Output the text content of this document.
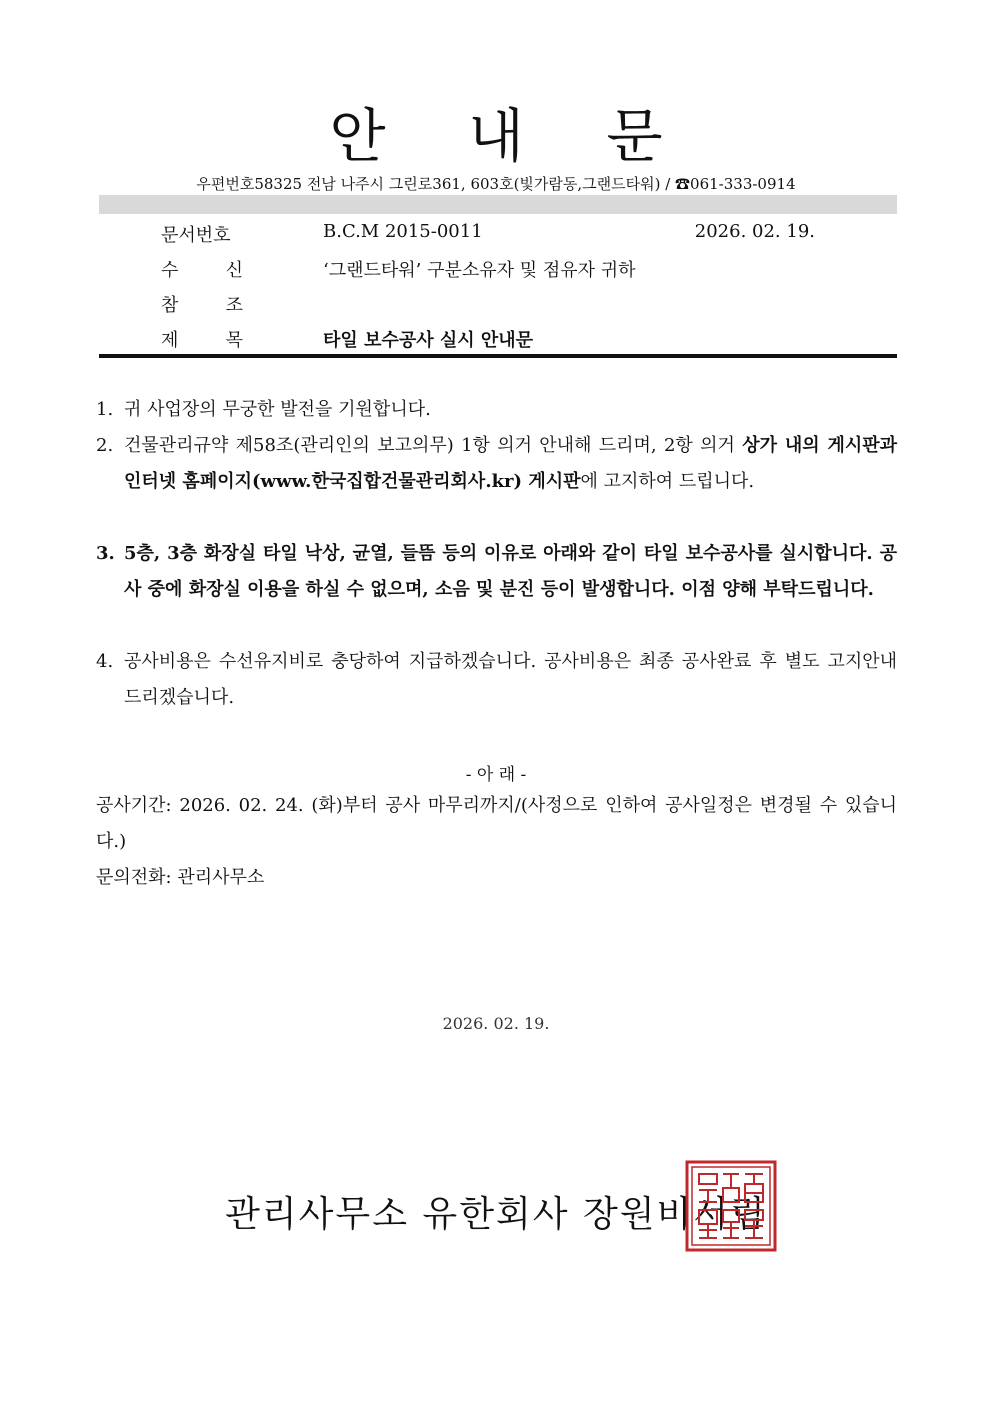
안 내 문
우편번호58325 전남 나주시 그린로361, 603호(빛가람동,그랜드타워) / ☎061-333-0914
문서번호	B.C.M 2015-0011	2026. 02. 19.
수	신	‘그랜드타워’ 구분소유자 및 점유자 귀하
참	조
제	목	타일 보수공사 실시 안내문
1. 귀 사업장의 무궁한 발전을 기원합니다.
2. 건물관리규약 제58조(관리인의 보고의무) 1항 의거 안내해 드리며, 2항 의거 상가 내의 게시판과 인터넷 홈페이지(www.한국집합건물관리회사.kr) 게시판에 고지하여 드립니다.
3. 5층, 3층 화장실 타일 낙상, 균열, 들뜸 등의 이유로 아래와 같이 타일 보수공사를 실시합니다. 공사 중에 화장실 이용을 하실 수 없으며, 소음 및 분진 등이 발생합니다. 이점 양해 부탁드립니다.
4. 공사비용은 수선유지비로 충당하여 지급하겠습니다. 공사비용은 최종 공사완료 후 별도 고지안내 드리겠습니다.
- 아 래 -
공사기간: 2026. 02. 24. (화)부터 공사 마무리까지/(사정으로 인하여 공사일정은 변경될 수 있습니다.)
문의전화: 관리사무소
2026. 02. 19.
관리사무소 유한회사 장원비서림
